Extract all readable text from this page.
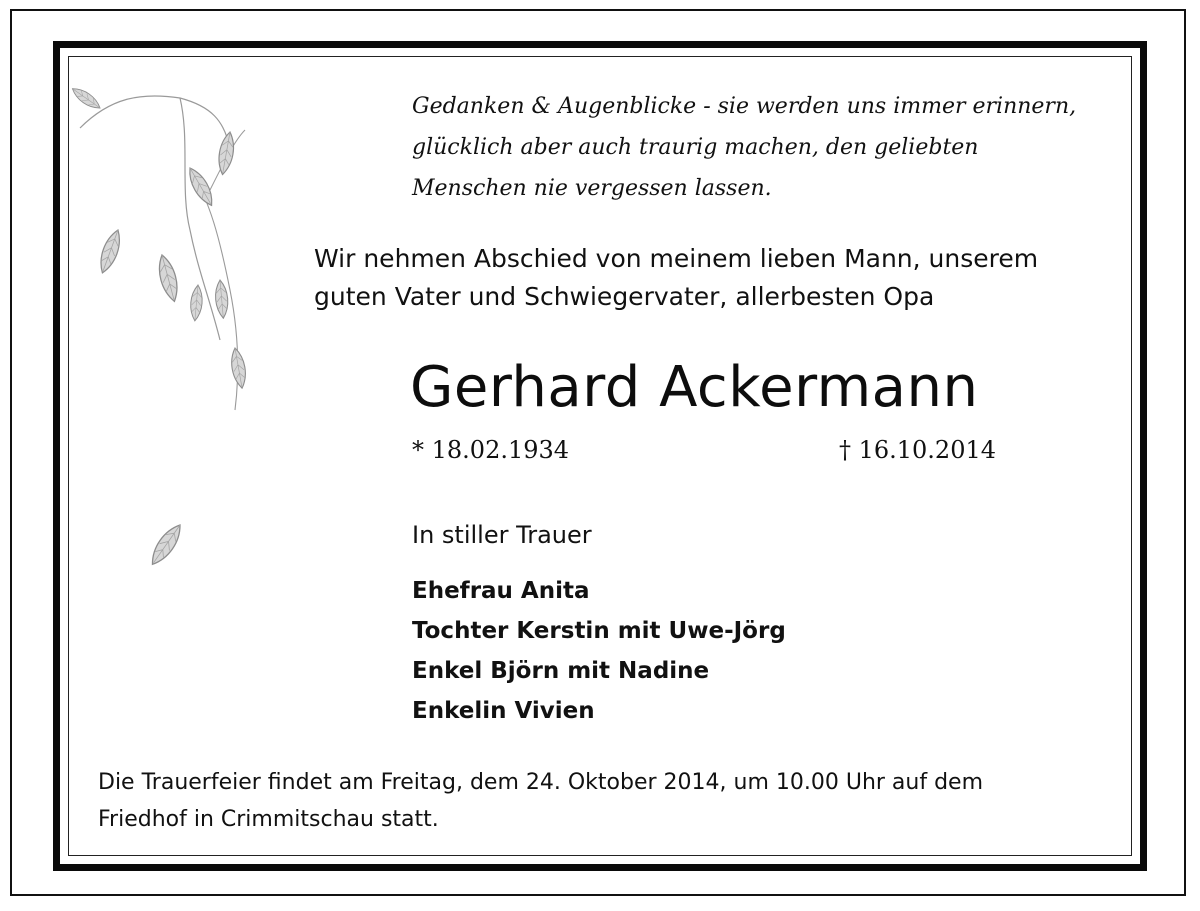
Gedanken & Augenblicke - sie werden uns immer erinnern,
glücklich aber auch traurig machen, den geliebten
Menschen nie vergessen lassen.
Wir nehmen Abschied von meinem lieben Mann, unserem
guten Vater und Schwiegervater, allerbesten Opa
Gerhard Ackermann
* 18.02.1934	† 16.10.2014
In stiller Trauer
Ehefrau Anita
Tochter Kerstin mit Uwe-Jörg
Enkel Björn mit Nadine
Enkelin Vivien
Die Trauerfeier findet am Freitag, dem 24. Oktober 2014, um 10.00 Uhr auf dem
Friedhof in Crimmitschau statt.
